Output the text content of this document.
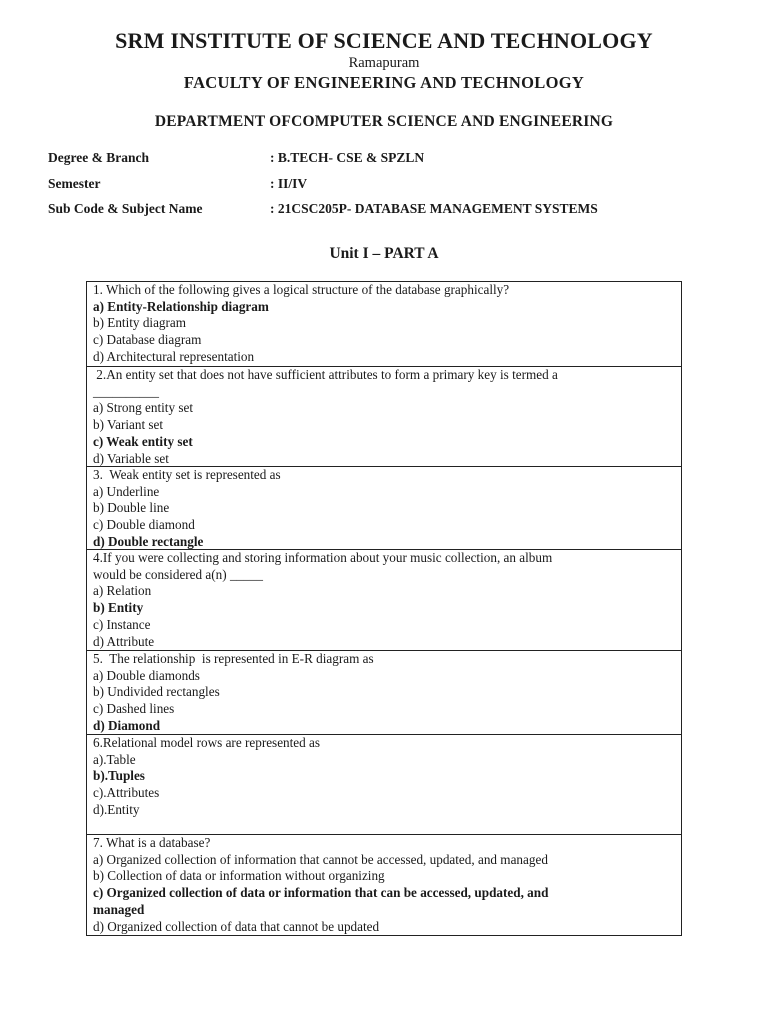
SRM INSTITUTE OF SCIENCE AND TECHNOLOGY
Ramapuram
FACULTY OF ENGINEERING AND TECHNOLOGY
DEPARTMENT OFCOMPUTER SCIENCE AND ENGINEERING
Degree & Branch	: B.TECH- CSE & SPZLN
Semester	: II/IV
Sub Code & Subject Name	: 21CSC205P- DATABASE MANAGEMENT SYSTEMS
Unit I – PART A
1. Which of the following gives a logical structure of the database graphically?
a) Entity-Relationship diagram
b) Entity diagram
c) Database diagram
d) Architectural representation
2.An entity set that does not have sufficient attributes to form a primary key is termed a
__________
a) Strong entity set
b) Variant set
c) Weak entity set
d) Variable set
3.  Weak entity set is represented as
a) Underline
b) Double line
c) Double diamond
d) Double rectangle
4.If you were collecting and storing information about your music collection, an album
would be considered a(n) _____
a) Relation
b) Entity
c) Instance
d) Attribute
5.  The relationship  is represented in E-R diagram as
a) Double diamonds
b) Undivided rectangles
c) Dashed lines
d) Diamond
6.Relational model rows are represented as
a).Table
b).Tuples
c).Attributes
d).Entity

7. What is a database?
a) Organized collection of information that cannot be accessed, updated, and managed
b) Collection of data or information without organizing
c) Organized collection of data or information that can be accessed, updated, and
managed
d) Organized collection of data that cannot be updated
